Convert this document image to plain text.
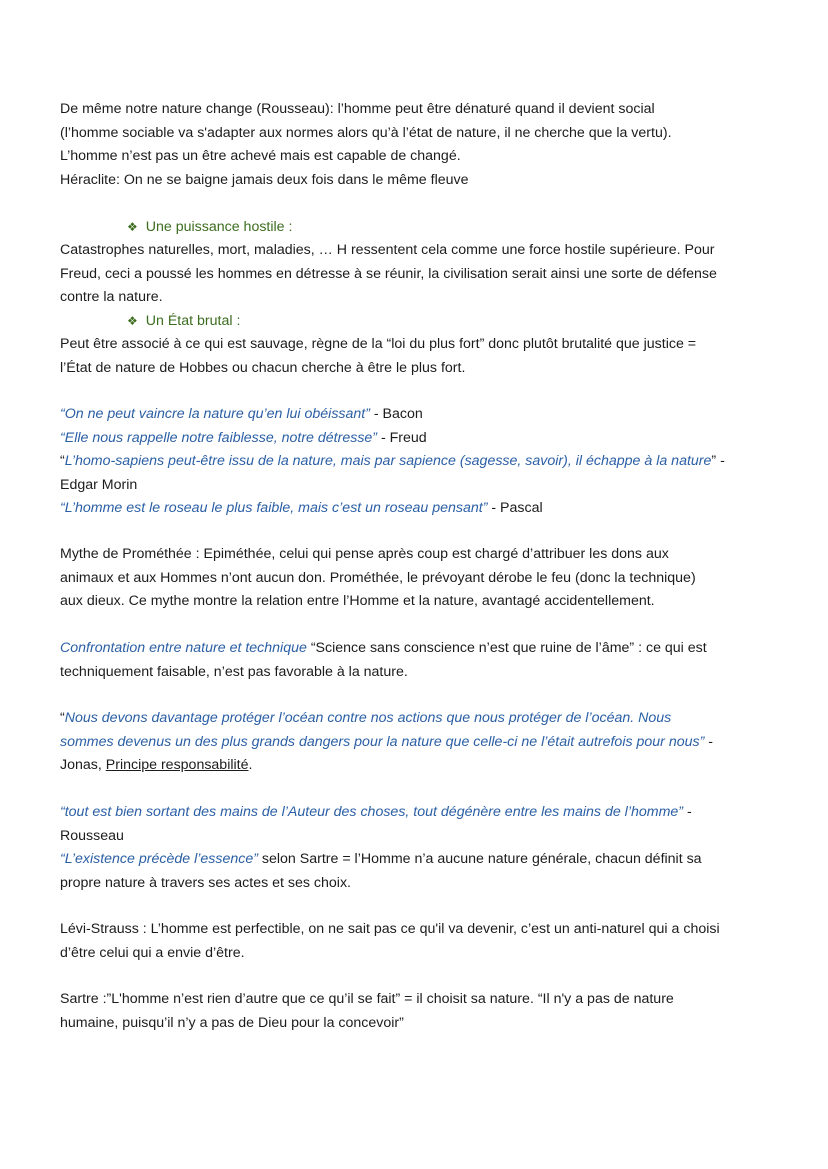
De même notre nature change (Rousseau): l’homme peut être dénaturé quand il devient social
(l’homme sociable va s'adapter aux normes alors qu’à l’état de nature, il ne cherche que la vertu).
L’homme n’est pas un être achevé mais est capable de changé.
Héraclite: On ne se baigne jamais deux fois dans le même fleuve
❖ Une puissance hostile :
Catastrophes naturelles, mort, maladies, … H ressentent cela comme une force hostile supérieure. Pour
Freud, ceci a poussé les hommes en détresse à se réunir, la civilisation serait ainsi une sorte de défense
contre la nature.
❖ Un État brutal :
Peut être associé à ce qui est sauvage, règne de la “loi du plus fort” donc plutôt brutalité que justice =
l’État de nature de Hobbes ou chacun cherche à être le plus fort.
“On ne peut vaincre la nature qu’en lui obéissant” - Bacon
“Elle nous rappelle notre faiblesse, notre détresse” - Freud
“L’homo-sapiens peut-être issu de la nature, mais par sapience (sagesse, savoir), il échappe à la nature” -
Edgar Morin
“L’homme est le roseau le plus faible, mais c’est un roseau pensant” - Pascal
Mythe de Prométhée : Epiméthée, celui qui pense après coup est chargé d’attribuer les dons aux
animaux et aux Hommes n’ont aucun don. Prométhée, le prévoyant dérobe le feu (donc la technique)
aux dieux. Ce mythe montre la relation entre l’Homme et la nature, avantagé accidentellement.
Confrontation entre nature et technique “Science sans conscience n’est que ruine de l’âme” : ce qui est
techniquement faisable, n’est pas favorable à la nature.
“Nous devons davantage protéger l’océan contre nos actions que nous protéger de l’océan. Nous
sommes devenus un des plus grands dangers pour la nature que celle-ci ne l’était autrefois pour nous” -
Jonas, Principe responsabilité.
“tout est bien sortant des mains de l’Auteur des choses, tout dégénère entre les mains de l’homme” -
Rousseau
“L’existence précède l’essence” selon Sartre = l’Homme n’a aucune nature générale, chacun définit sa
propre nature à travers ses actes et ses choix.
Lévi-Strauss : L’homme est perfectible, on ne sait pas ce qu'il va devenir, c’est un anti-naturel qui a choisi
d’être celui qui a envie d’être.
Sartre :”L'homme n’est rien d’autre que ce qu’il se fait” = il choisit sa nature. “Il n'y a pas de nature
humaine, puisqu’il n’y a pas de Dieu pour la concevoir”
